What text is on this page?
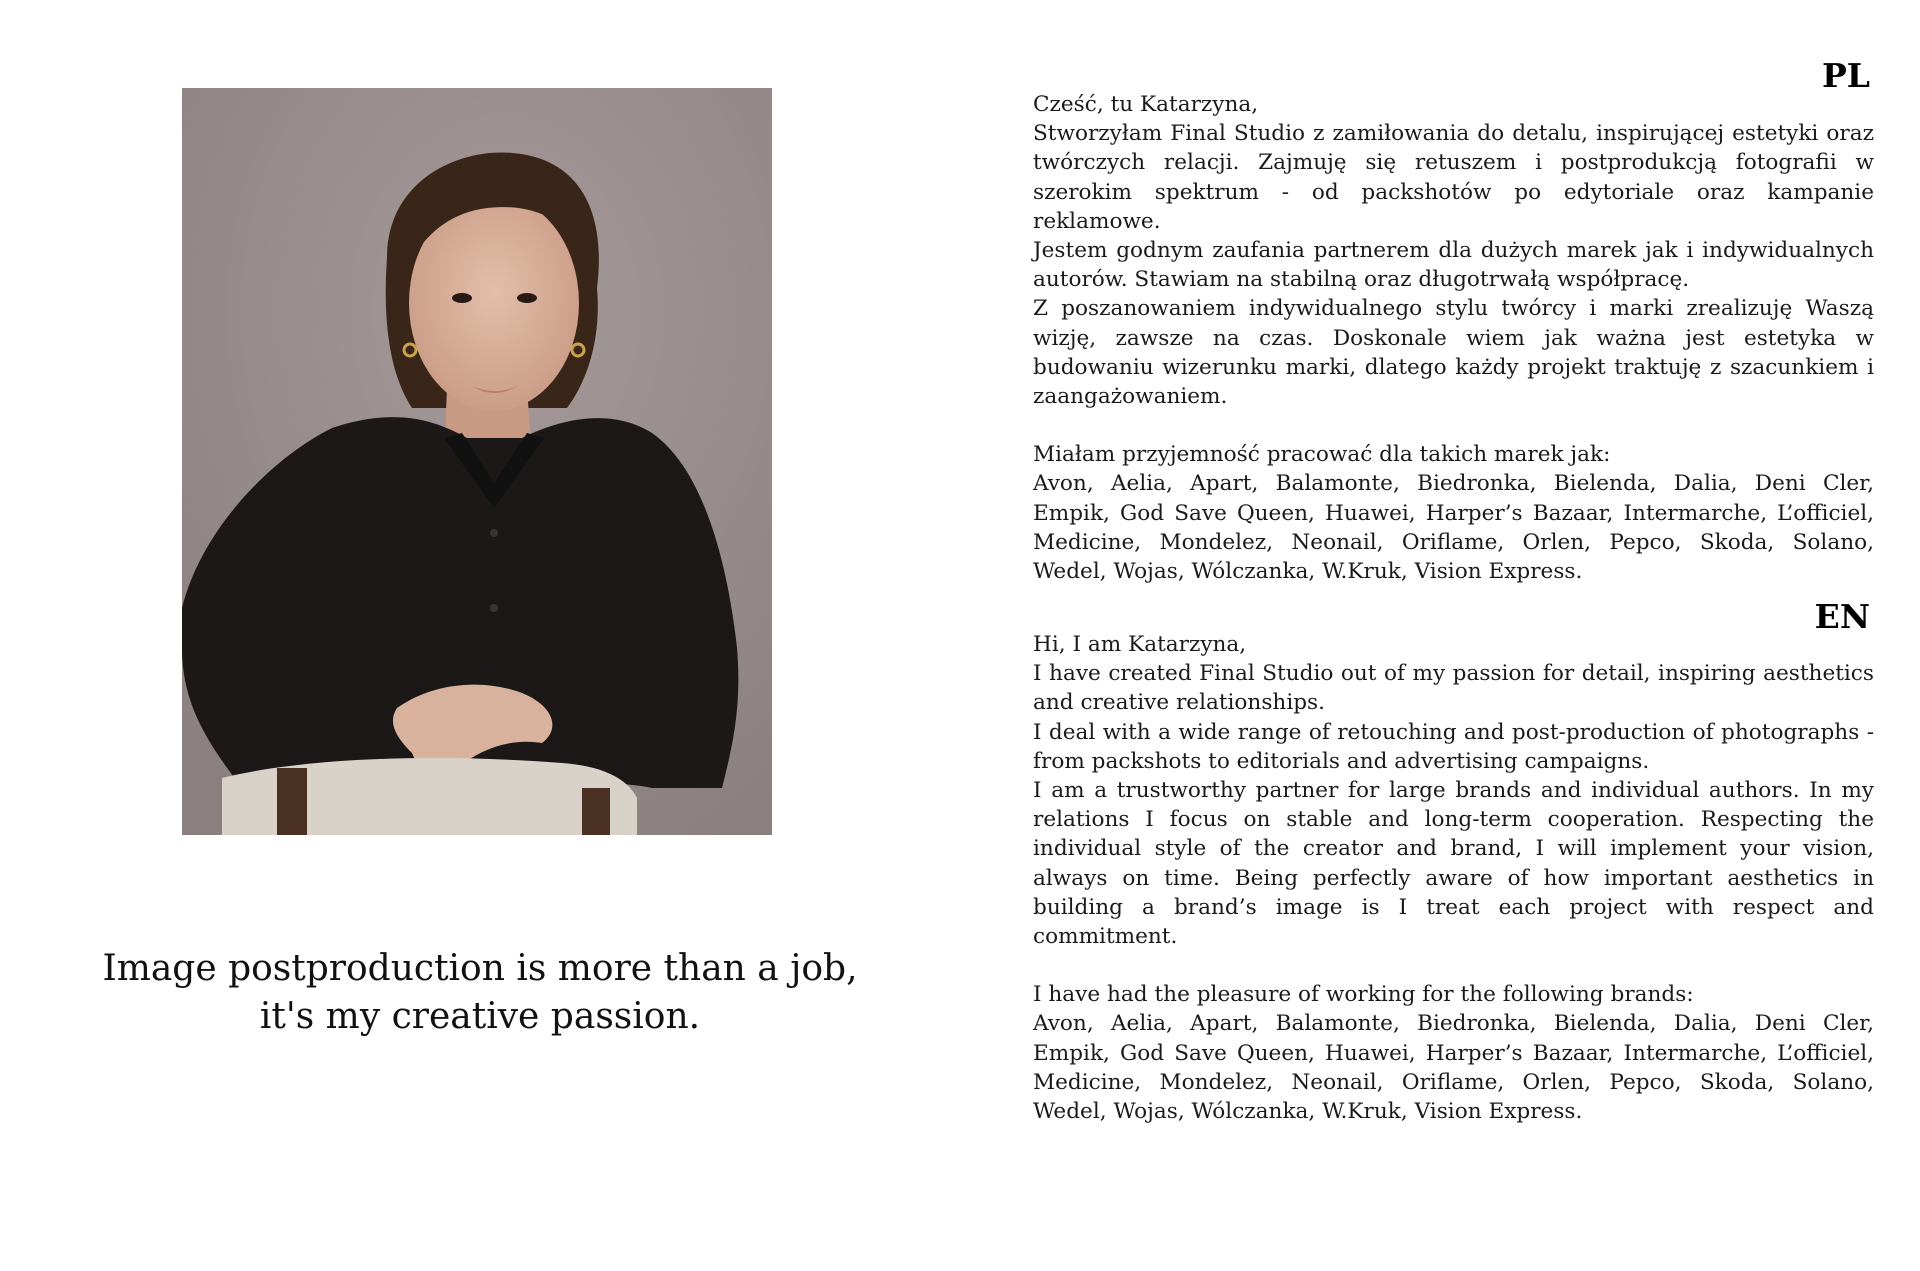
Image postproduction is more than a job,
it's my creative passion.
PL

Cześć, tu Katarzyna,

Stworzyłam Final Studio z zamiłowania do detalu, inspirującej estetyki oraz twórczych relacji. Zajmuję się retuszem i postprodukcją fotografii w szerokim spektrum - od packshotów po edytoriale oraz kampanie reklamowe.

Jestem godnym zaufania partnerem dla dużych marek jak i indywidualnych autorów. Stawiam na stabilną oraz długotrwałą współpracę.

Z poszanowaniem indywidualnego stylu twórcy i marki zrealizuję Waszą wizję, zawsze na czas. Doskonale wiem jak ważna jest estetyka w budowaniu wizerunku marki, dlatego każdy projekt traktuję z szacunkiem i zaangażowaniem.

Miałam przyjemność pracować dla takich marek jak:

Avon, Aelia, Apart, Balamonte, Biedronka, Bielenda, Dalia, Deni Cler, Empik, God Save Queen, Huawei, Harper’s Bazaar, Intermarche, L’officiel, Medicine, Mondelez, Neonail, Oriflame, Orlen, Pepco, Skoda, Solano, Wedel, Wojas, Wólczanka, W.Kruk, Vision Express.

EN

Hi, I am Katarzyna,

I have created Final Studio out of my passion for detail, inspiring aesthetics and creative relationships.

I deal with a wide range of retouching and post-production of photographs - from packshots to editorials and advertising campaigns.

I am a trustworthy partner for large brands and individual authors. In my relations I focus on stable and long-term cooperation. Respecting the individual style of the creator and brand, I will implement your vision, always on time. Being perfectly aware of how important aesthetics in building a brand’s image is I treat each project with respect and commitment.

I have had the pleasure of working for the following brands:

Avon, Aelia, Apart, Balamonte, Biedronka, Bielenda, Dalia, Deni Cler, Empik, God Save Queen, Huawei, Harper’s Bazaar, Intermarche, L’officiel, Medicine, Mondelez, Neonail, Oriflame, Orlen, Pepco, Skoda, Solano, Wedel, Wojas, Wólczanka, W.Kruk, Vision Express.
